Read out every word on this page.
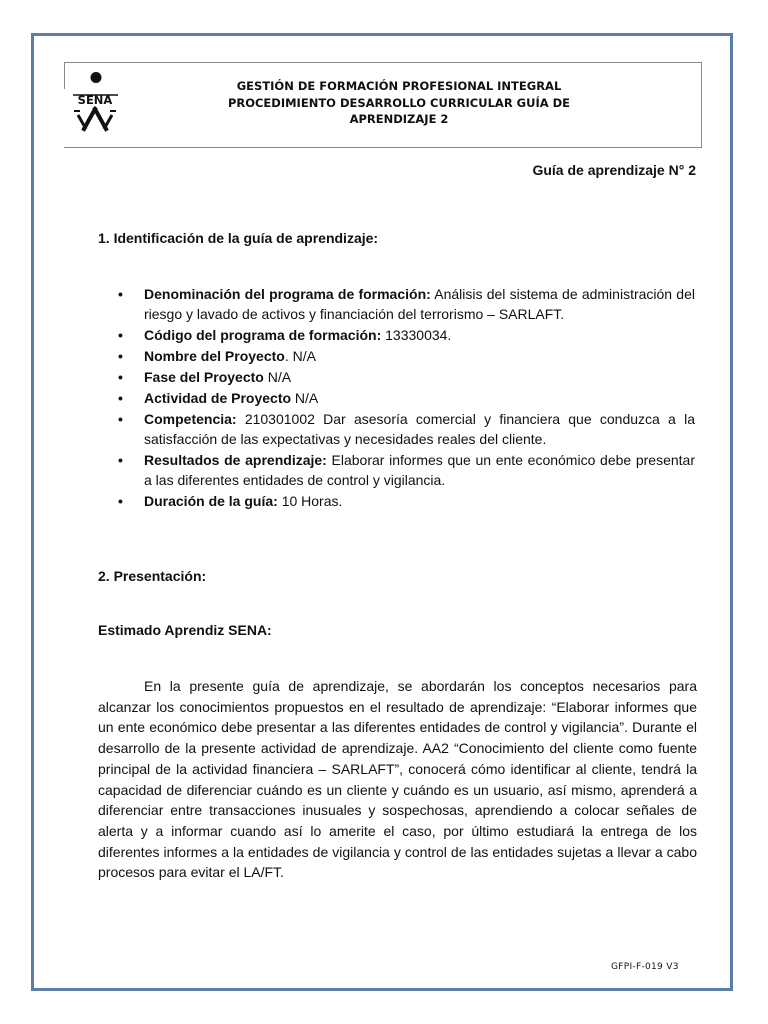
SENA
GESTIÓN DE FORMACIÓN PROFESIONAL INTEGRAL
PROCEDIMIENTO DESARROLLO CURRICULAR GUÍA DE
APRENDIZAJE 2
Guía de aprendizaje N° 2
1. Identificación de la guía de aprendizaje:
• Denominación del programa de formación: Análisis del sistema de administración del riesgo y lavado de activos y financiación del terrorismo – SARLAFT.
• Código del programa de formación: 13330034.
• Nombre del Proyecto. N/A
• Fase del Proyecto N/A
• Actividad de Proyecto N/A
• Competencia: 210301002 Dar asesoría comercial y financiera que conduzca a la satisfacción de las expectativas y necesidades reales del cliente.
• Resultados de aprendizaje: Elaborar informes que un ente económico debe presentar a las diferentes entidades de control y vigilancia.
• Duración de la guía: 10 Horas.
2. Presentación:
Estimado Aprendiz SENA:
En la presente guía de aprendizaje, se abordarán los conceptos necesarios para alcanzar los conocimientos propuestos en el resultado de aprendizaje: “Elaborar informes que un ente económico debe presentar a las diferentes entidades de control y vigilancia”. Durante el desarrollo de la presente actividad de aprendizaje. AA2 “Conocimiento del cliente como fuente principal de la actividad financiera – SARLAFT”, conocerá cómo identificar al cliente, tendrá la capacidad de diferenciar cuándo es un cliente y cuándo es un usuario, así mismo, aprenderá a diferenciar entre transacciones inusuales y sospechosas, aprendiendo a colocar señales de alerta y a informar cuando así lo amerite el caso, por último estudiará la entrega de los diferentes informes a la entidades de vigilancia y control de las entidades sujetas a llevar a cabo procesos para evitar el LA/FT.
GFPI-F-019 V3
